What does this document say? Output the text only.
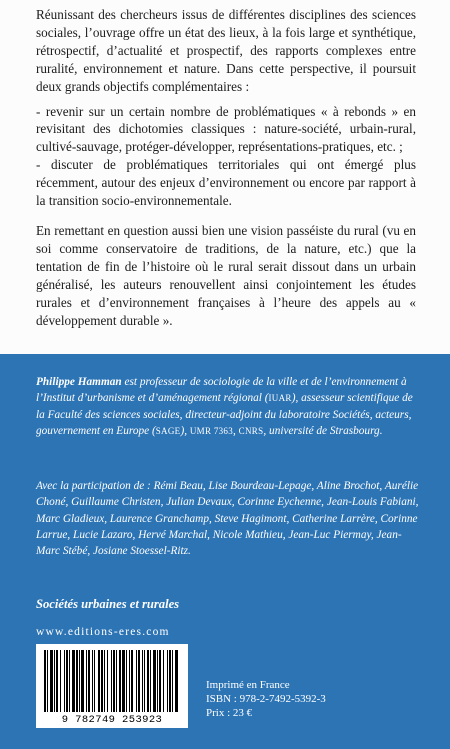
Réunissant des chercheurs issus de différentes disciplines des sciences sociales, l’ouvrage offre un état des lieux, à la fois large et synthétique, rétrospectif, d’actualité et prospectif, des rapports complexes entre ruralité, environnement et nature. Dans cette perspective, il poursuit deux grands objectifs complémentaires :

- revenir sur un certain nombre de problématiques « à rebonds » en revisitant des dichotomies classiques : nature-société, urbain-rural, cultivé-sauvage, protéger-développer, représentations-pratiques, etc. ;
- discuter de problématiques territoriales qui ont émergé plus récemment, autour des enjeux d’environnement ou encore par rapport à la transition socio-environnementale.

En remettant en question aussi bien une vision passéiste du rural (vu en soi comme conservatoire de traditions, de la nature, etc.) que la tentation de fin de l’histoire où le rural serait dissout dans un urbain généralisé, les auteurs renouvellent ainsi conjointement les études rurales et d’environnement françaises à l’heure des appels au « développement durable ».

Philippe Hamman est professeur de sociologie de la ville et de l’environnement à l’Institut d’urbanisme et d’aménagement régional (IUAR), assesseur scientifique de la Faculté des sciences sociales, directeur-adjoint du laboratoire Sociétés, acteurs, gouvernement en Europe (SAGE), UMR 7363, CNRS, université de Strasbourg.
Avec la participation de : Rémi Beau, Lise Bourdeau-Lepage, Aline Brochot, Aurélie Choné, Guillaume Christen, Julian Devaux, Corinne Eychenne, Jean-Louis Fabiani, Marc Gladieux, Laurence Granchamp, Steve Hagimont, Catherine Larrère, Corinne Larrue, Lucie Lazaro, Hervé Marchal, Nicole Mathieu, Jean-Luc Piermay, Jean-Marc Stébé, Josiane Stoessel-Ritz.
Sociétés urbaines et rurales
www.editions-eres.com
9 782749 253923
Imprimé en France
ISBN : 978-2-7492-5392-3
Prix : 23 €
